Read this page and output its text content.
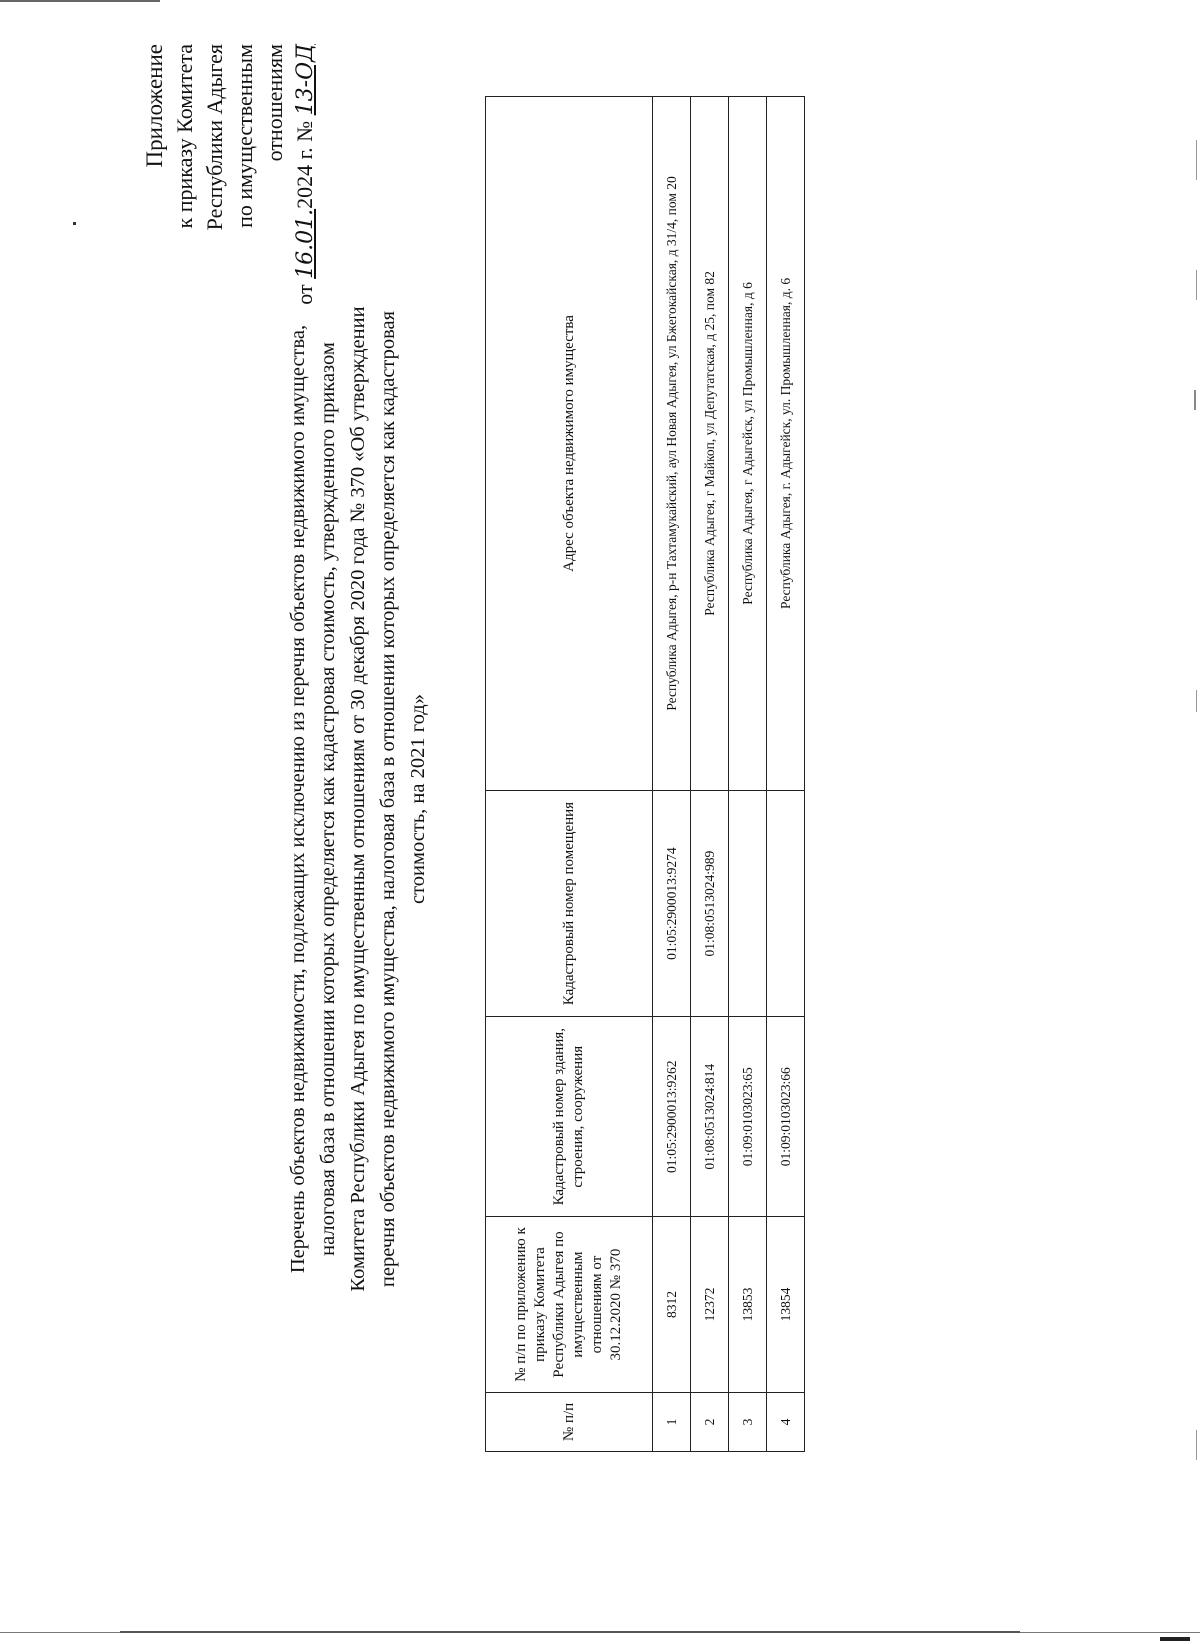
Приложение к приказу Комитета Республики Адыгея по имущественным отношениям
от 16.01.2024 г. № 13-ОД
Перечень объектов недвижимости, подлежащих исключению из перечня объектов недвижимого имущества, налоговая база в отношении которых определяется как кадастровая стоимость, утвержденного приказом Комитета Республики Адыгея по имущественным отношениям от 30 декабря 2020 года № 370 «Об утверждении перечня объектов недвижимого имущества, налоговая база в отношении которых определяется как кадастровая стоимость, на 2021 год»
№ п/п	№ п/п по приложению к приказу Комитета Республики Адыгея по имущественным отношениям от 30.12.2020 № 370	Кадастровый номер здания, строения, сооружения	Кадастровый номер помещения	Адрес объекта недвижимого имущества
1	8312	01:05:2900013:9262	01:05:2900013:9274	Республика Адыгея, р-н Тахтамукайский, аул Новая Адыгея, ул Бжегокайская, д 31/4, пом 20
2	12372	01:08:0513024:814	01:08:0513024:989	Республика Адыгея, г Майкоп, ул Депутатская, д 25, пом 82
3	13853	01:09:0103023:65		Республика Адыгея, г Адыгейск, ул Промышленная, д 6
4	13854	01:09:0103023:66		Республика Адыгея, г. Адыгейск, ул. Промышленная, д. 6
